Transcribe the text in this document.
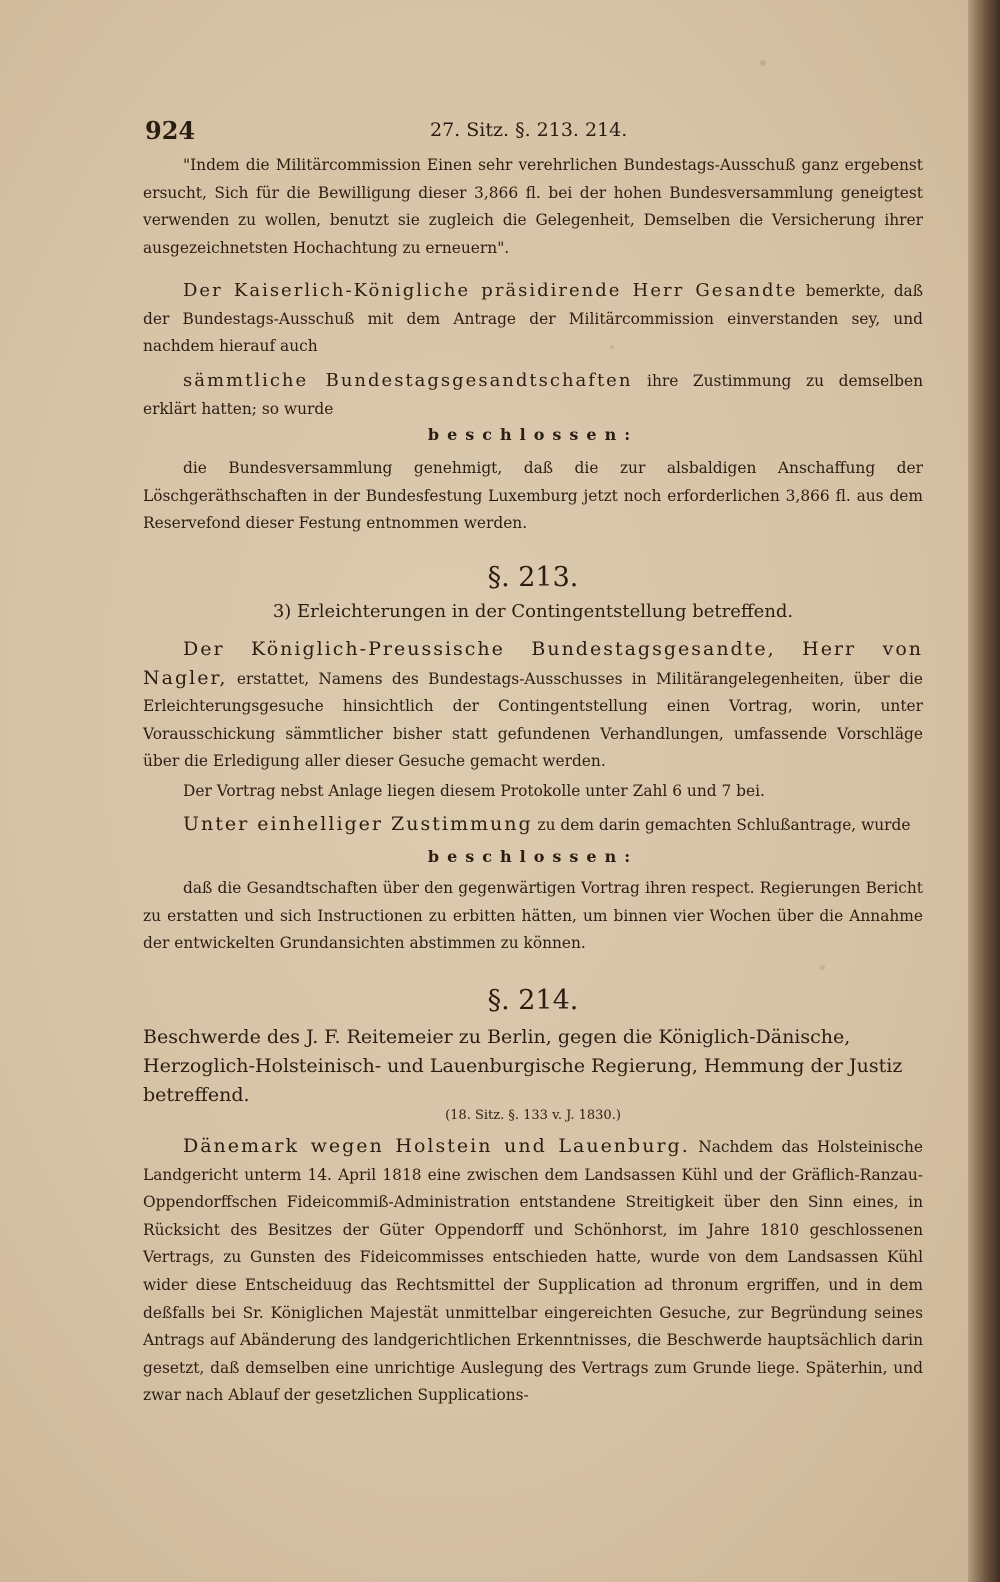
924	27. Sitz. §. 213. 214.
"Indem die Militärcommission Einen sehr verehrlichen Bundestags-Ausschuß ganz ergebenst ersucht, Sich für die Bewilligung dieser 3,866 fl. bei der hohen Bundesversammlung geneigtest verwenden zu wollen, benutzt sie zugleich die Gelegenheit, Demselben die Versicherung ihrer ausgezeichnetsten Hochachtung zu erneuern".
Der Kaiserlich-Königliche präsidirende Herr Gesandte bemerkte, daß der Bundestags-Ausschuß mit dem Antrage der Militärcommission einverstanden sey, und nachdem hierauf auch
sämmtliche Bundestagsgesandtschaften ihre Zustimmung zu demselben erklärt hatten; so wurde
beschlossen:
die Bundesversammlung genehmigt, daß die zur alsbaldigen Anschaffung der Löschgeräthschaften in der Bundesfestung Luxemburg jetzt noch erforderlichen 3,866 fl. aus dem Reservefond dieser Festung entnommen werden.
§. 213.
3) Erleichterungen in der Contingentstellung betreffend.
Der Königlich-Preussische Bundestagsgesandte, Herr von Nagler, erstattet, Namens des Bundestags-Ausschusses in Militärangelegenheiten, über die Erleichterungsgesuche hinsichtlich der Contingentstellung einen Vortrag, worin, unter Vorausschickung sämmtlicher bisher statt gefundenen Verhandlungen, umfassende Vorschläge über die Erledigung aller dieser Gesuche gemacht werden.
Der Vortrag nebst Anlage liegen diesem Protokolle unter Zahl 6 und 7 bei.
Unter einhelliger Zustimmung zu dem darin gemachten Schlußantrage, wurde
beschlossen:
daß die Gesandtschaften über den gegenwärtigen Vortrag ihren respect. Regierungen Bericht zu erstatten und sich Instructionen zu erbitten hätten, um binnen vier Wochen über die Annahme der entwickelten Grundansichten abstimmen zu können.
§. 214.
Beschwerde des J. F. Reitemeier zu Berlin, gegen die Königlich-Dänische, Herzoglich-Holsteinisch- und Lauenburgische Regierung, Hemmung der Justiz betreffend.
(18. Sitz. §. 133 v. J. 1830.)
Dänemark wegen Holstein und Lauenburg. Nachdem das Holsteinische Landgericht unterm 14. April 1818 eine zwischen dem Landsassen Kühl und der Gräflich-Ranzau-Oppendorffschen Fideicommiß-Administration entstandene Streitigkeit über den Sinn eines, in Rücksicht des Besitzes der Güter Oppendorff und Schönhorst, im Jahre 1810 geschlossenen Vertrags, zu Gunsten des Fideicommisses entschieden hatte, wurde von dem Landsassen Kühl wider diese Entscheiduug das Rechtsmittel der Supplication ad thronum ergriffen, und in dem deßfalls bei Sr. Königlichen Majestät unmittelbar eingereichten Gesuche, zur Begründung seines Antrags auf Abänderung des landgerichtlichen Erkenntnisses, die Beschwerde hauptsächlich darin gesetzt, daß demselben eine unrichtige Auslegung des Vertrags zum Grunde liege. Späterhin, und zwar nach Ablauf der gesetzlichen Supplications-
